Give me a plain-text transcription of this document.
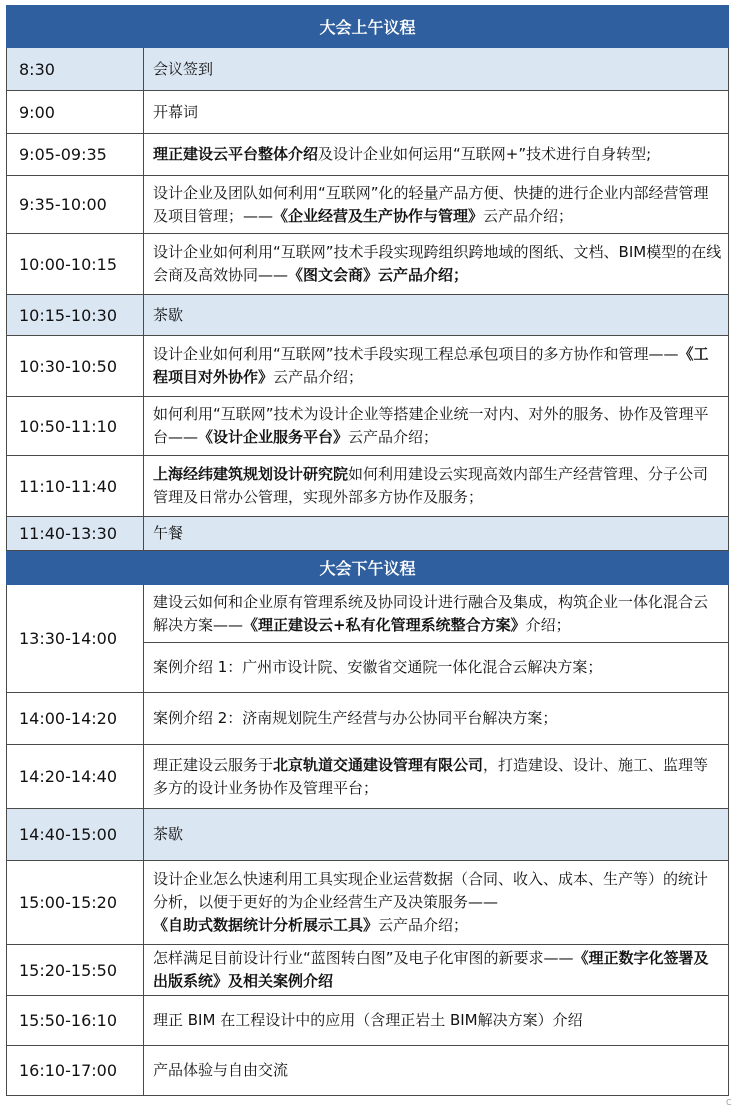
大会上午议程	
8:30	会议签到
9:00	开幕词
9:05-09:35	理正建设云平台整体介绍及设计企业如何运用“互联网+”技术进行自身转型;
9:35-10:00	设计企业及团队如何利用“互联网”化的轻量产品方便、快捷的进行企业内部经营管理及项目管理；——《企业经营及生产协作与管理》云产品介绍；
10:00-10:15	设计企业如何利用“互联网”技术手段实现跨组织跨地域的图纸、文档、BIM模型的在线会商及高效协同——《图文会商》云产品介绍；
10:15-10:30	茶歇
10:30-10:50	设计企业如何利用“互联网”技术手段实现工程总承包项目的多方协作和管理——《工程项目对外协作》云产品介绍；
10:50-11:10	如何利用“互联网”技术为设计企业等搭建企业统一对内、对外的服务、协作及管理平台——《设计企业服务平台》云产品介绍；
11:10-11:40	上海经纬建筑规划设计研究院如何利用建设云实现高效内部生产经营管理、分子公司管理及日常办公管理，实现外部多方协作及服务；
11:40-13:30	午餐
大会下午议程	
13:30-14:00	建设云如何和企业原有管理系统及协同设计进行融合及集成，构筑企业一体化混合云解决方案——《理正建设云+私有化管理系统整合方案》介绍；
案例介绍 1：广州市设计院、安徽省交通院一体化混合云解决方案；

14:00-14:20	案例介绍 2：济南规划院生产经营与办公协同平台解决方案；
14:20-14:40	理正建设云服务于北京轨道交通建设管理有限公司，打造建设、设计、施工、监理等多方的设计业务协作及管理平台；
14:40-15:00	茶歇
15:00-15:20	设计企业怎么快速利用工具实现企业运营数据（合同、收入、成本、生产等）的统计分析，以便于更好的为企业经营生产及决策服务——《自助式数据统计分析展示工具》云产品介绍；
15:20-15:50	怎样满足目前设计行业“蓝图转白图”及电子化审图的新要求——《理正数字化签署及出版系统》及相关案例介绍
15:50-16:10	理正 BIM 在工程设计中的应用（含理正岩土 BIM解决方案）介绍
16:10-17:00	产品体验与自由交流
C
